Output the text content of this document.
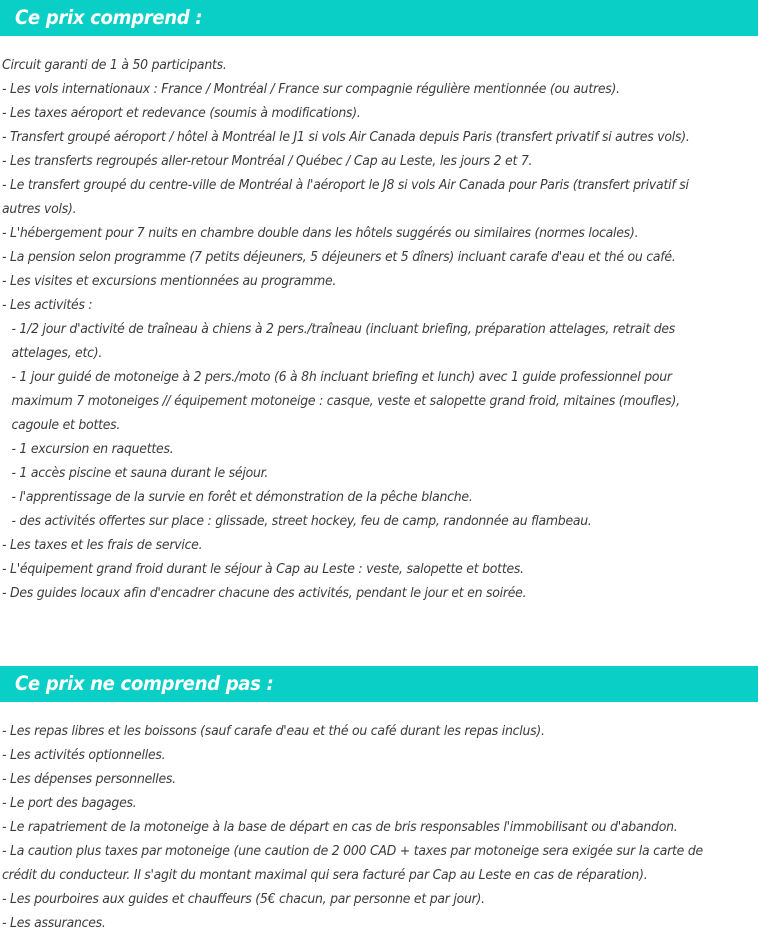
Ce prix comprend :
Circuit garanti de 1 à 50 participants.
- Les vols internationaux : France / Montréal / France sur compagnie régulière mentionnée (ou autres).
- Les taxes aéroport et redevance (soumis à modifications).
- Transfert groupé aéroport / hôtel à Montréal le J1 si vols Air Canada depuis Paris (transfert privatif si autres vols).
- Les transferts regroupés aller-retour Montréal / Québec / Cap au Leste, les jours 2 et 7.
- Le transfert groupé du centre-ville de Montréal à l'aéroport le J8 si vols Air Canada pour Paris (transfert privatif si autres vols).
- L'hébergement pour 7 nuits en chambre double dans les hôtels suggérés ou similaires (normes locales).
- La pension selon programme (7 petits déjeuners, 5 déjeuners et 5 dîners) incluant carafe d'eau et thé ou café.
- Les visites et excursions mentionnées au programme.
- Les activités :
- 1/2 jour d'activité de traîneau à chiens à 2 pers./traîneau (incluant briefing, préparation attelages, retrait des attelages, etc).
- 1 jour guidé de motoneige à 2 pers./moto (6 à 8h incluant briefing et lunch) avec 1 guide professionnel pour maximum 7 motoneiges // équipement motoneige : casque, veste et salopette grand froid, mitaines (moufles), cagoule et bottes.
- 1 excursion en raquettes.
- 1 accès piscine et sauna durant le séjour.
- l'apprentissage de la survie en forêt et démonstration de la pêche blanche.
- des activités offertes sur place : glissade, street hockey, feu de camp, randonnée au flambeau.
- Les taxes et les frais de service.
- L'équipement grand froid durant le séjour à Cap au Leste : veste, salopette et bottes.
- Des guides locaux afin d'encadrer chacune des activités, pendant le jour et en soirée.
Ce prix ne comprend pas :
- Les repas libres et les boissons (sauf carafe d'eau et thé ou café durant les repas inclus).
- Les activités optionnelles.
- Les dépenses personnelles.
- Le port des bagages.
- Le rapatriement de la motoneige à la base de départ en cas de bris responsables l'immobilisant ou d'abandon.
- La caution plus taxes par motoneige (une caution de 2 000 CAD + taxes par motoneige sera exigée sur la carte de crédit du conducteur. Il s'agit du montant maximal qui sera facturé par Cap au Leste en cas de réparation).
- Les pourboires aux guides et chauffeurs (5€ chacun, par personne et par jour).
- Les assurances.
